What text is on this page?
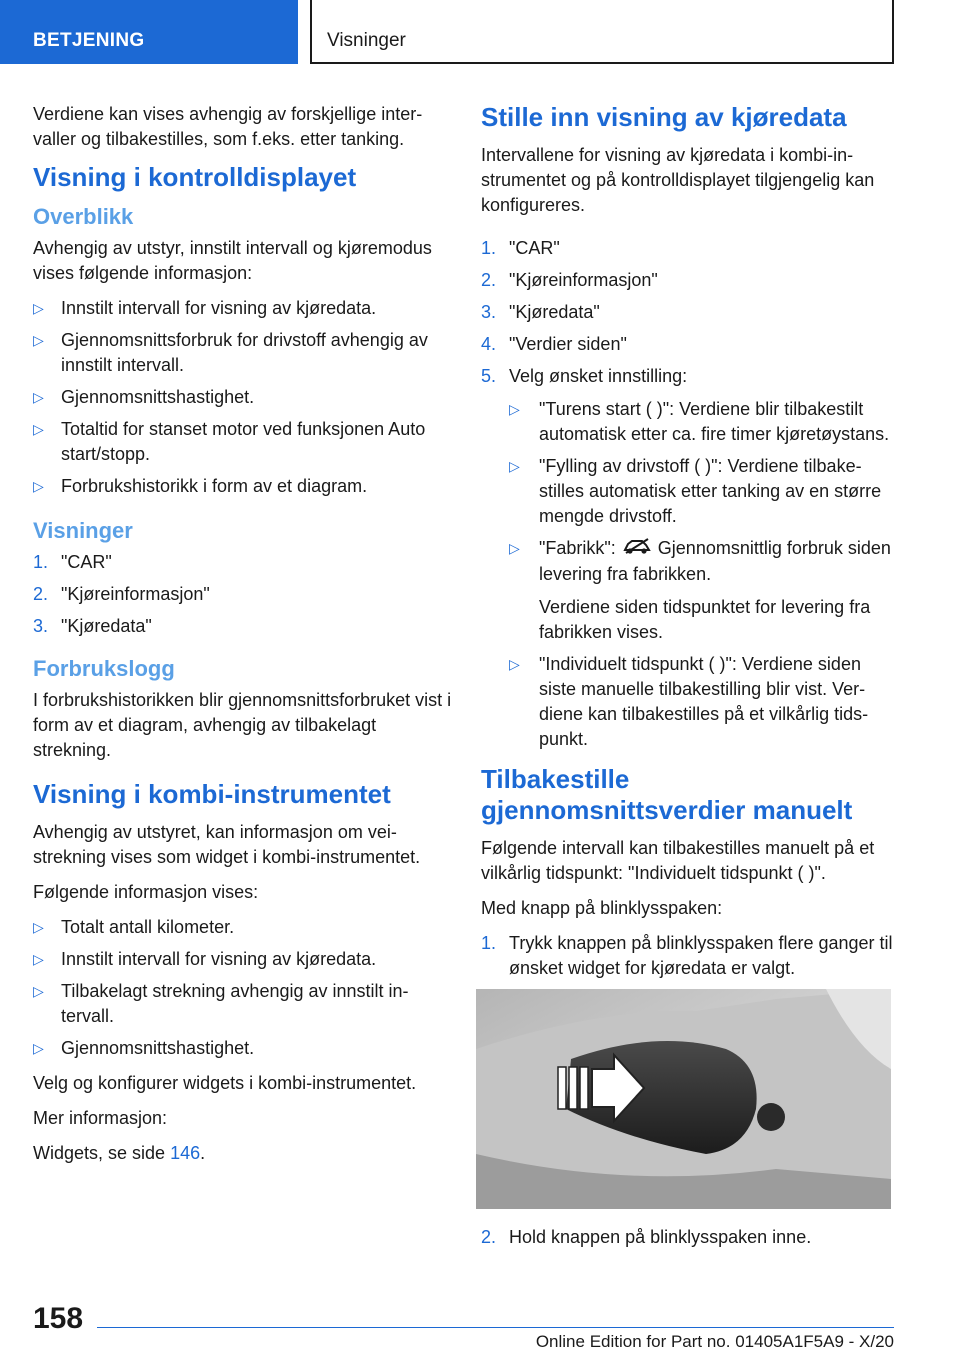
BETJENING	Visninger

Verdiene kan vises avhengig av forskjellige intervaller og tilbakestilles, som f.eks. etter tanking.

Visning i kontrolldisplayet
Overblikk

Avhengig av utstyr, innstilt intervall og kjøremodus vises følgende informasjon:

▷ Innstilt intervall for visning av kjøredata.
▷ Gjennomsnittsforbruk for drivstoff avhengig av innstilt intervall.
▷ Gjennomsnittshastighet.
▷ Totaltid for stanset motor ved funksjonen Auto start/stopp.
▷ Forbrukshistorikk i form av et diagram.
Visninger
1. "CAR"
2. "Kjøreinformasjon"
3. "Kjøredata"
Forbrukslogg

I forbrukshistorikken blir gjennomsnittsforbruket vist i form av et diagram, avhengig av tilbakelagt strekning.

Visning i kombi-instrumentet

Avhengig av utstyret, kan informasjon om veistrekning vises som widget i kombi-instrumentet.

Følgende informasjon vises:

▷ Totalt antall kilometer.
▷ Innstilt intervall for visning av kjøredata.
▷ Tilbakelagt strekning avhengig av innstilt intervall.
▷ Gjennomsnittshastighet.

Velg og konfigurer widgets i kombi-instrumentet.

Mer informasjon:

Widgets, se side 146.

Stille inn visning av kjøredata

Intervallene for visning av kjøredata i kombi-instrumentet og på kontrolldisplayet tilgjengelig kan konfigureres.

1. "CAR"
2. "Kjøreinformasjon"
3. "Kjøredata"
4. "Verdier siden"
5. Velg ønsket innstilling:
▷ "Turens start ( )": Verdiene blir tilbakestilt automatisk etter ca. fire timer kjøretøystans.
▷ "Fylling av drivstoff ( )": Verdiene tilbakestilles automatisk etter tanking av en større mengde drivstoff.
▷ "Fabrikk": Gjennomsnittlig forbruk siden levering fra fabrikken.
Verdiene siden tidspunktet for levering fra fabrikken vises.
▷ "Individuelt tidspunkt ( )": Verdiene siden siste manuelle tilbakestilling blir vist. Verdiene kan tilbakestilles på et vilkårlig tidspunkt.
Tilbakestille gjennomsnittsverdier manuelt

Følgende intervall kan tilbakestilles manuelt på et vilkårlig tidspunkt: "Individuelt tidspunkt ( )".

Med knapp på blinklysspaken:

1. Trykk knappen på blinklysspaken flere ganger til ønsket widget for kjøredata er valgt.
2. Hold knappen på blinklysspaken inne.
158
Online Edition for Part no. 01405A1F5A9 - X/20
